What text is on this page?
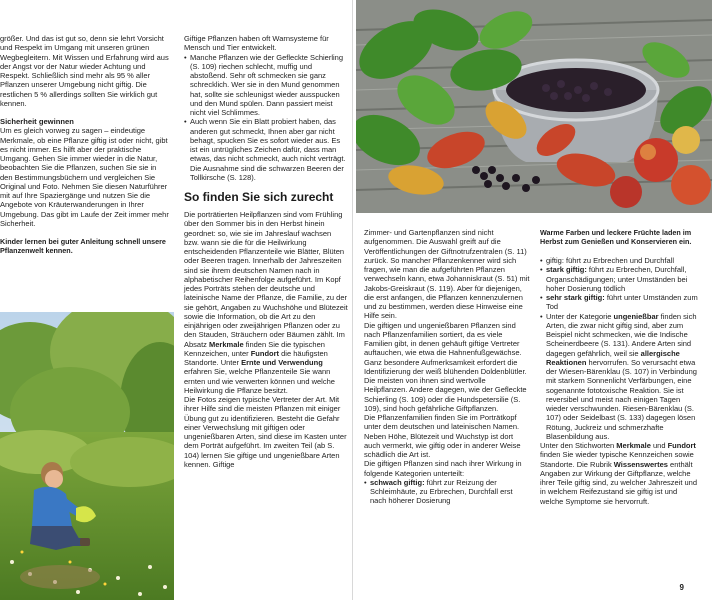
größer. Und das ist gut so, denn sie lehrt Vorsicht und Respekt im Umgang mit unseren grünen Wegbegleitern. Mit Wissen und Erfahrung wird aus der Angst vor der Natur wieder Achtung und Respekt. Schließlich sind mehr als 95 % aller Pflanzen unserer Umgebung nicht giftig. Die restlichen 5 % allerdings sollten Sie wirklich gut kennen.

Sicherheit gewinnen

Um es gleich vorweg zu sagen – eindeutige Merkmale, ob eine Pflanze giftig ist oder nicht, gibt es nicht immer. Es hilft aber der praktische Umgang. Gehen Sie immer wieder in die Natur, beobachten Sie die Pflanzen, suchen Sie sie in den Bestimmungsbüchern und vergleichen Sie Original und Foto. Nehmen Sie diesen Naturführer mit auf Ihre Spaziergänge und nutzen Sie die Angebote von Kräuterwanderungen in Ihrer Umgebung. Das gibt im Laufe der Zeit immer mehr Sicherheit.

Kinder lernen bei guter Anleitung schnell unsere Pflanzenwelt kennen.

Giftige Pflanzen haben oft Warnsysteme für Mensch und Tier entwickelt.

• Manche Pflanzen wie der Gefleckte Schierling (S. 109) riechen schlecht, muffig und abstoßend. Sehr oft schmecken sie ganz schrecklich. Wer sie in den Mund genommen hat, sollte sie schleunigst wieder ausspucken und den Mund spülen. Dann passiert meist nicht viel Schlimmes.
• Auch wenn Sie ein Blatt probiert haben, das anderen gut schmeckt, Ihnen aber gar nicht behagt, spucken Sie es sofort wieder aus. Es ist ein untrügliches Zeichen dafür, dass man etwas, das nicht schmeckt, auch nicht verträgt. Die Ausnahme sind die schwarzen Beeren der Tollkirsche (S. 128).
So finden Sie sich zurecht

Die porträtierten Heilpflanzen sind vom Frühling über den Sommer bis in den Herbst hinein geordnet: so, wie sie im Jahreslauf wachsen bzw. wann sie die für die Heilwirkung entscheidenden Pflanzenteile wie Blätter, Blüten oder Beeren tragen. Innerhalb der Jahreszeiten sind sie ihrem deutschen Namen nach in alphabetischer Reihenfolge aufgeführt. Im Kopf jedes Porträts stehen der deutsche und lateinische Name der Pflanze, die Familie, zu der sie gehört, Angaben zu Wuchshöhe und Blütezeit sowie die Information, ob die Art zu den einjährigen oder zweijährigen Pflanzen oder zu den Stauden, Sträuchern oder Bäumen zählt. Im Absatz Merkmale finden Sie die typischen Kennzeichen, unter Fundort die häufigsten Standorte. Unter Ernte und Verwendung erfahren Sie, welche Pflanzenteile Sie wann ernten und wie verwerten können und welche Heilwirkung die Pflanze besitzt.

Die Fotos zeigen typische Vertreter der Art. Mit ihrer Hilfe sind die meisten Pflanzen mit einiger Übung gut zu identifizieren. Besteht die Gefahr einer Verwechslung mit giftigen oder ungenießbaren Arten, sind diese im Kasten unter dem Porträt aufgeführt. Im zweiten Teil (ab S. 104) lernen Sie giftige und ungenießbare Arten kennen. Giftige

Warme Farben und leckere Früchte laden im Herbst zum Genießen und Konservieren ein.

Zimmer- und Gartenpflanzen sind nicht aufgenommen. Die Auswahl greift auf die Veröffentlichungen der Giftnotrufzentralen (S. 11) zurück. So mancher Pflanzenkenner wird sich fragen, wie man die aufgeführten Pflanzen verwechseln kann, etwa Johanniskraut (S. 51) mit Jakobs-Greiskraut (S. 119). Aber für diejenigen, die erst anfangen, die Pflanzen kennenzulernen und zu bestimmen, werden diese Hinweise eine Hilfe sein.

Die giftigen und ungenießbaren Pflanzen sind nach Pflanzenfamilien sortiert, da es viele Familien gibt, in denen gehäuft giftige Vertreter auftauchen, wie etwa die Hahnenfußgewächse. Ganz besondere Aufmerksamkeit erfordert die Identifizierung der weiß blühenden Doldenblütler. Die meisten von ihnen sind wertvolle Heilpflanzen. Andere dagegen, wie der Gefleckte Schierling (S. 109) oder die Hundspetersilie (S. 109), sind hoch gefährliche Giftpflanzen.

Die Pflanzenfamilien finden Sie im Porträtkopf unter dem deutschen und lateinischen Namen. Neben Höhe, Blütezeit und Wuchstyp ist dort auch vermerkt, wie giftig oder in anderer Weise schädlich die Art ist.

Die giftigen Pflanzen sind nach ihrer Wirkung in folgende Kategorien unterteilt:

• schwach giftig: führt zur Reizung der Schleimhäute, zu Erbrechen, Durchfall erst nach höherer Dosierung
• giftig: führt zu Erbrechen und Durchfall
• stark giftig: führt zu Erbrechen, Durchfall, Organschädigungen; unter Umständen bei hoher Dosierung tödlich
• sehr stark giftig: führt unter Umständen zum Tod
• Unter der Kategorie ungenießbar finden sich Arten, die zwar nicht giftig sind, aber zum Beispiel nicht schmecken, wie die Indische Scheinerdbeere (S. 131). Andere Arten sind dagegen gefährlich, weil sie allergische Reaktionen hervorrufen. So verursacht etwa der Wiesen-Bärenklau (S. 107) in Verbindung mit starkem Sonnenlicht Verfärbungen, eine sogenannte fototoxische Reaktion. Sie ist reversibel und meist nach einigen Tagen wieder verschwunden. Riesen-Bärenklau (S. 107) oder Seidelbast (S. 133) dagegen lösen Rötung, Juckreiz und schmerzhafte Blasenbildung aus.

Unter den Stichworten Merkmale und Fundort finden Sie wieder typische Kennzeichen sowie Standorte. Die Rubrik Wissenswertes enthält Angaben zur Wirkung der Giftpflanze, welche ihrer Teile giftig sind, zu welcher Jahreszeit und in welchem Reifezustand sie giftig ist und welche Symptome sie hervorruft.

9
